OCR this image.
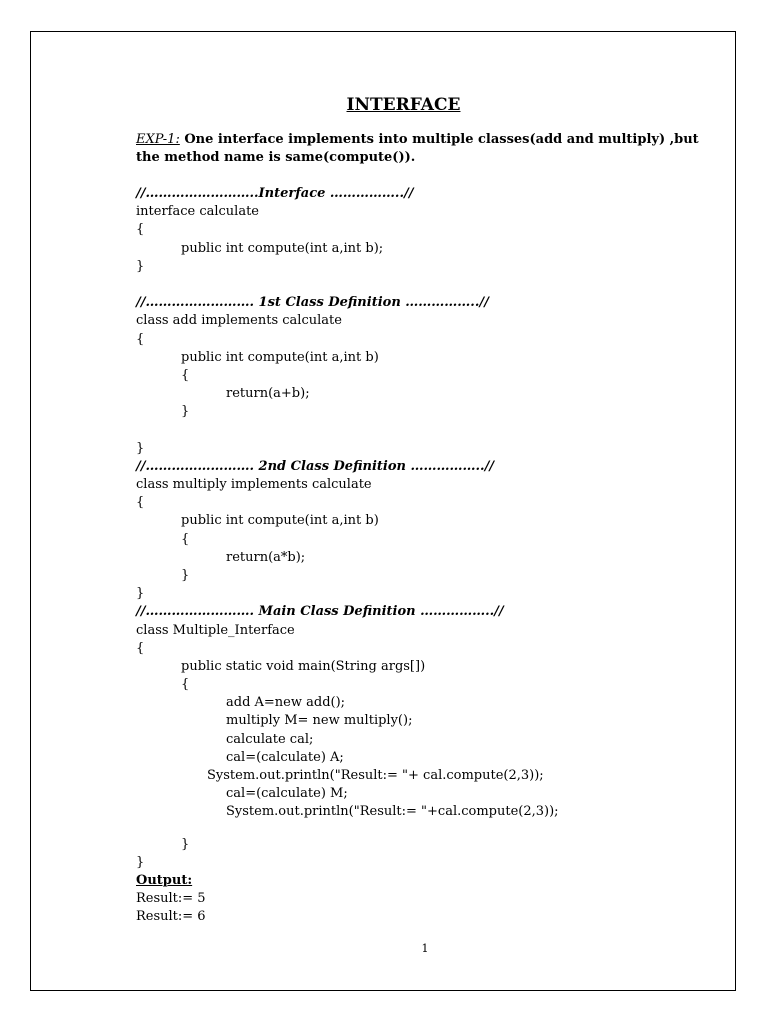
INTERFACE
EXP-1: One interface implements into multiple classes(add and multiply) ,but the method name is same(compute()).
//……………………..Interface ……………..//
interface calculate
{
public int compute(int a,int b);
}
//……………………. 1st Class Definition ……………..//
class add implements calculate
{
public int compute(int a,int b)
{
return(a+b);
}
}
//……………………. 2nd Class Definition ……………..//
class multiply implements calculate
{
public int compute(int a,int b)
{
return(a*b);
}
}
//……………………. Main Class Definition ……………..//
class Multiple_Interface
{
public static void main(String args[])
{
add A=new add();
multiply M= new multiply();
calculate cal;
cal=(calculate) A;
System.out.println("Result:= "+ cal.compute(2,3));
cal=(calculate) M;
System.out.println("Result:= "+cal.compute(2,3));
}
}
Output:
Result:= 5
Result:= 6
1
